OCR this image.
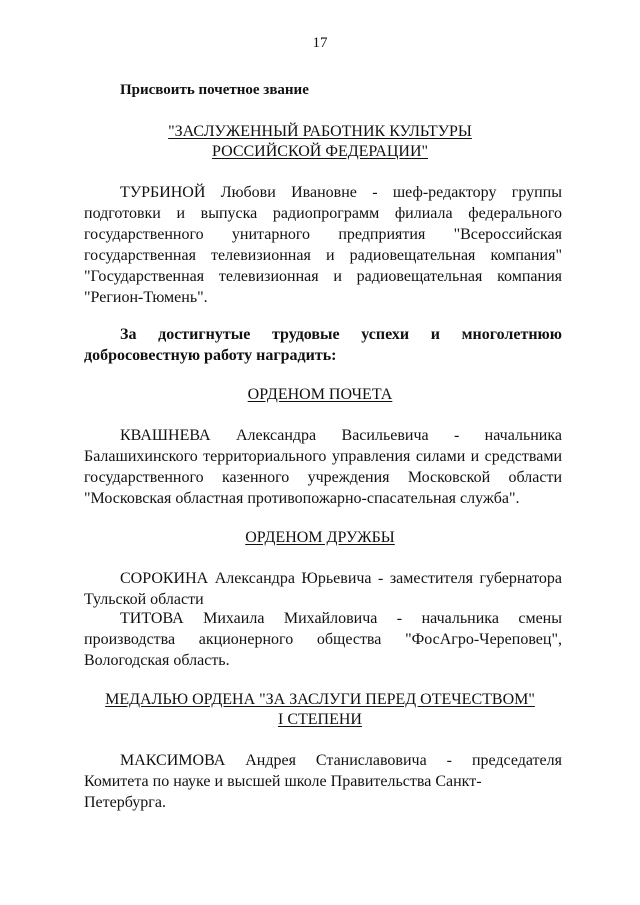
17
Присвоить почетное звание
"ЗАСЛУЖЕННЫЙ РАБОТНИК КУЛЬТУРЫ
РОССИЙСКОЙ ФЕДЕРАЦИИ"
ТУРБИНОЙ Любови Ивановне - шеф-редактору группы
подготовки и выпуска радиопрограмм филиала федерального
государственного унитарного предприятия "Всероссийская
государственная телевизионная и радиовещательная компания"
"Государственная телевизионная и радиовещательная компания
"Регион-Тюмень".
За достигнутые трудовые успехи и многолетнюю
добросовестную работу наградить:
ОРДЕНОМ ПОЧЕТА
КВАШНЕВА Александра Васильевича - начальника
Балашихинского территориального управления силами и средствами
государственного казенного учреждения Московской области
"Московская областная противопожарно-спасательная служба".
ОРДЕНОМ ДРУЖБЫ
СОРОКИНА Александра Юрьевича - заместителя губернатора
Тульской области
ТИТОВА Михаила Михайловича - начальника смены
производства акционерного общества "ФосАгро-Череповец",
Вологодская область.
МЕДАЛЬЮ ОРДЕНА "ЗА ЗАСЛУГИ ПЕРЕД ОТЕЧЕСТВОМ"
I СТЕПЕНИ
МАКСИМОВА Андрея Станиславовича - председателя
Комитета по науке и высшей школе Правительства Санкт-Петербурга.
